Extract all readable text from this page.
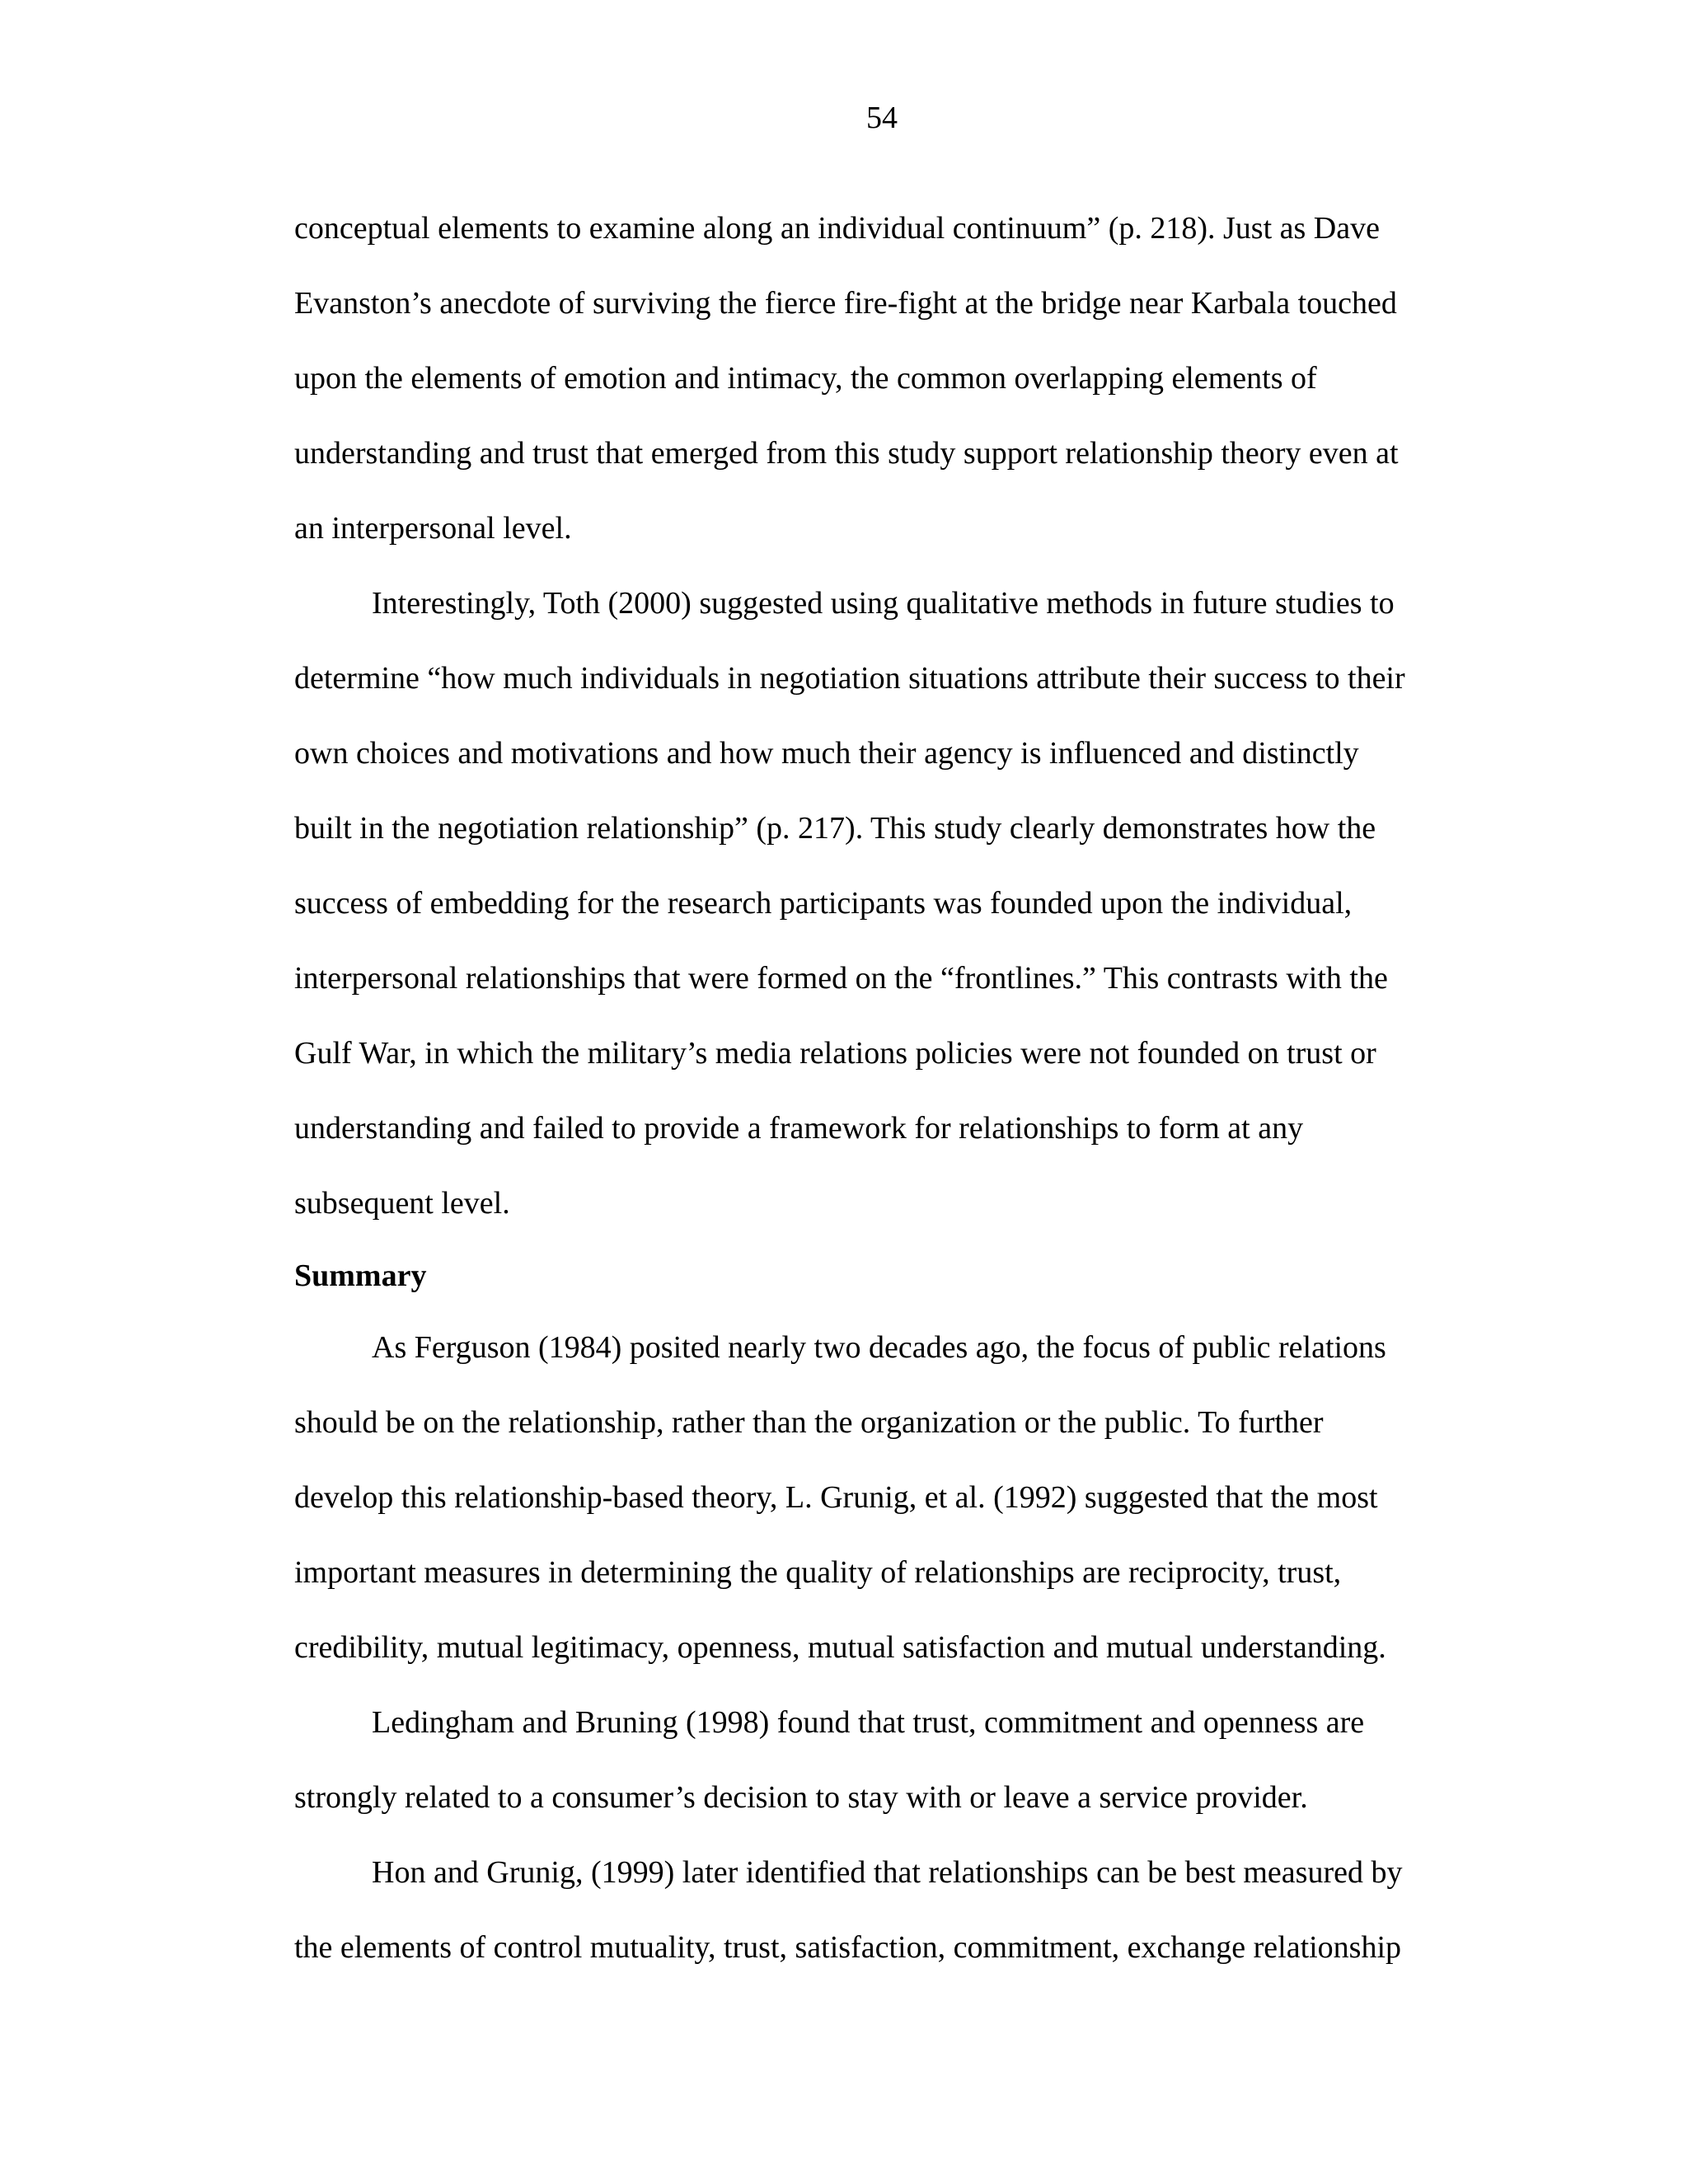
54
conceptual elements to examine along an individual continuum” (p. 218). Just as Dave
Evanston’s anecdote of surviving the fierce fire-fight at the bridge near Karbala touched
upon the elements of emotion and intimacy, the common overlapping elements of
understanding and trust that emerged from this study support relationship theory even at
an interpersonal level.
Interestingly, Toth (2000) suggested using qualitative methods in future studies to
determine “how much individuals in negotiation situations attribute their success to their
own choices and motivations and how much their agency is influenced and distinctly
built in the negotiation relationship” (p. 217). This study clearly demonstrates how the
success of embedding for the research participants was founded upon the individual,
interpersonal relationships that were formed on the “frontlines.” This contrasts with the
Gulf War, in which the military’s media relations policies were not founded on trust or
understanding and failed to provide a framework for relationships to form at any
subsequent level.
Summary
As Ferguson (1984) posited nearly two decades ago, the focus of public relations
should be on the relationship, rather than the organization or the public. To further
develop this relationship-based theory, L. Grunig, et al. (1992) suggested that the most
important measures in determining the quality of relationships are reciprocity, trust,
credibility, mutual legitimacy, openness, mutual satisfaction and mutual understanding.
Ledingham and Bruning (1998) found that trust, commitment and openness are
strongly related to a consumer’s decision to stay with or leave a service provider.
Hon and Grunig, (1999) later identified that relationships can be best measured by
the elements of control mutuality, trust, satisfaction, commitment, exchange relationship
